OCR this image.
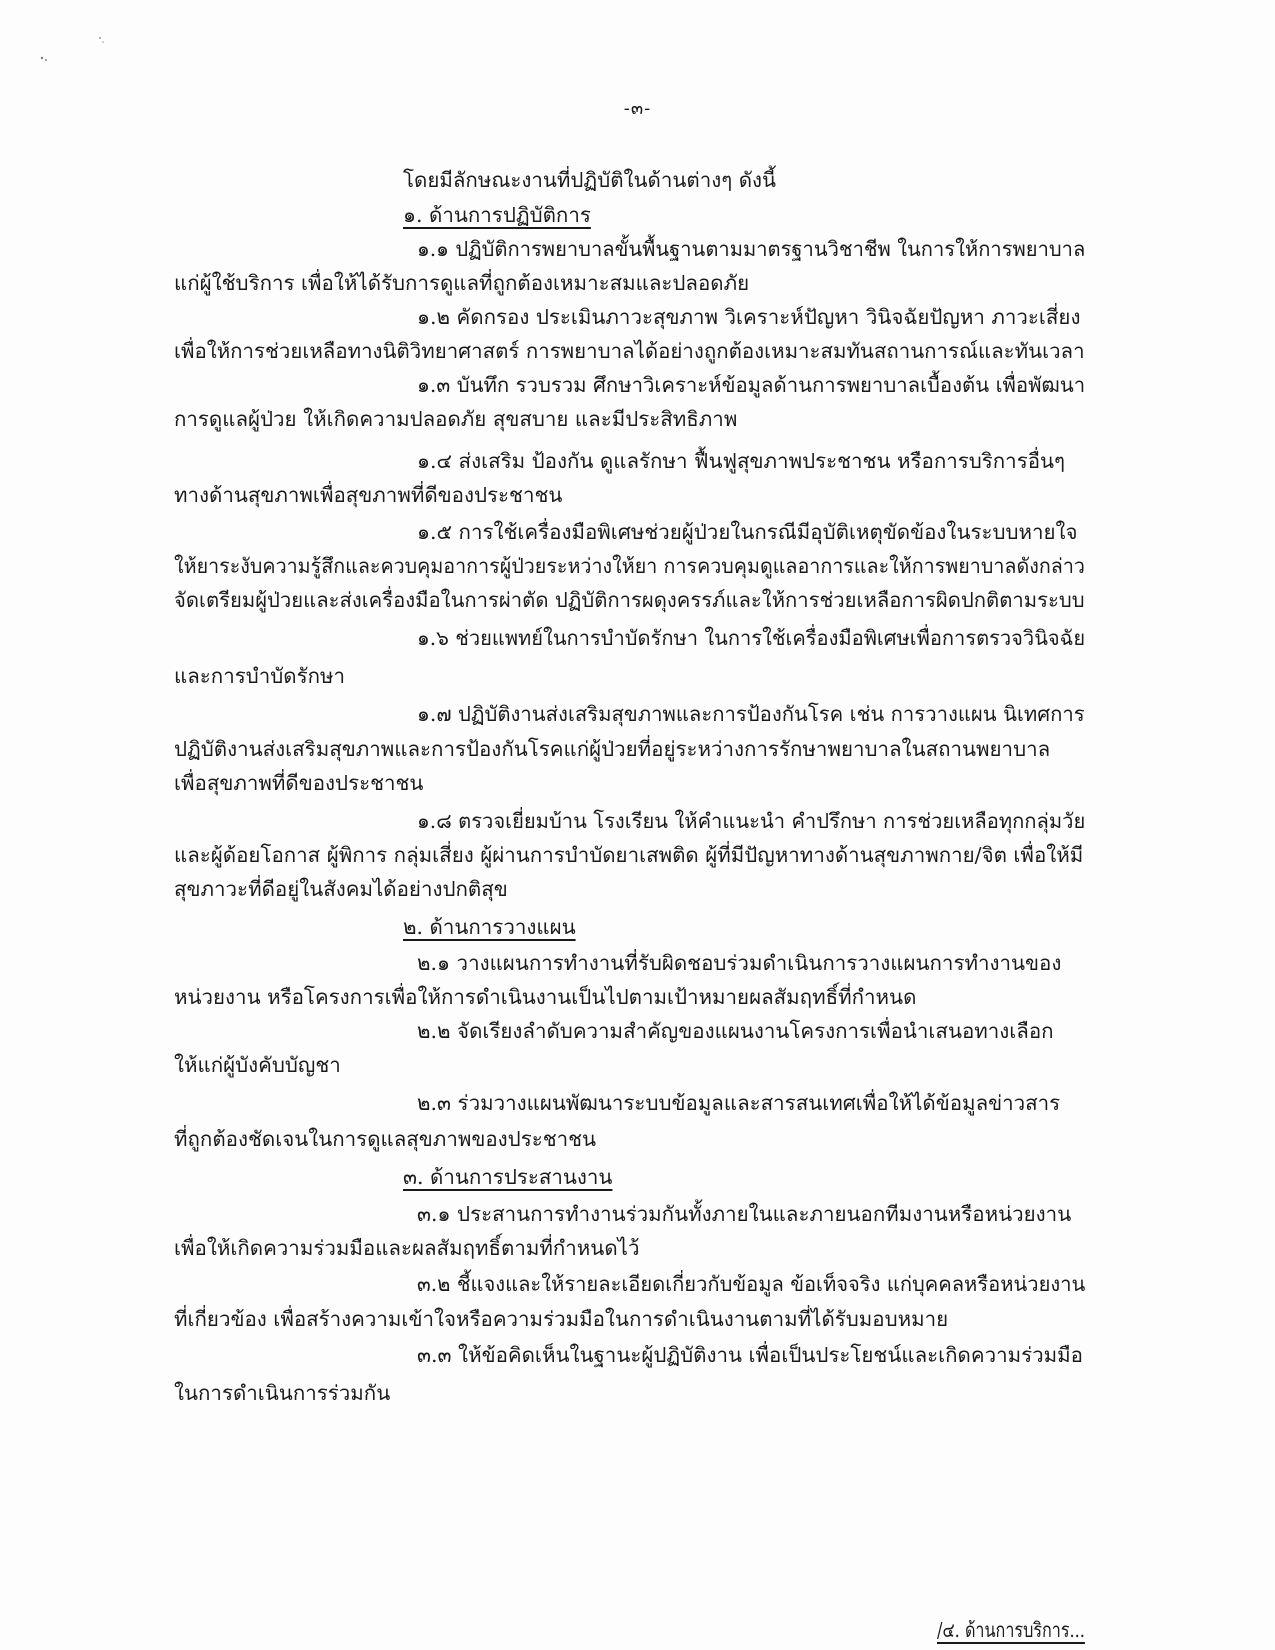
-๓-
โดยมีลักษณะงานที่ปฏิบัติในด้านต่างๆ ดังนี้
๑. ด้านการปฏิบัติการ
๑.๑ ปฏิบัติการพยาบาลขั้นพื้นฐานตามมาตรฐานวิชาชีพ ในการให้การพยาบาล
แก่ผู้ใช้บริการ เพื่อให้ได้รับการดูแลที่ถูกต้องเหมาะสมและปลอดภัย
๑.๒ คัดกรอง ประเมินภาวะสุขภาพ วิเคราะห์ปัญหา วินิจฉัยปัญหา ภาวะเสี่ยง
เพื่อให้การช่วยเหลือทางนิติวิทยาศาสตร์ การพยาบาลได้อย่างถูกต้องเหมาะสมทันสถานการณ์และทันเวลา
๑.๓ บันทึก รวบรวม ศึกษาวิเคราะห์ข้อมูลด้านการพยาบาลเบื้องต้น เพื่อพัฒนา
การดูแลผู้ป่วย ให้เกิดความปลอดภัย สุขสบาย และมีประสิทธิภาพ
๑.๔ ส่งเสริม ป้องกัน ดูแลรักษา ฟื้นฟูสุขภาพประชาชน หรือการบริการอื่นๆ
ทางด้านสุขภาพเพื่อสุขภาพที่ดีของประชาชน
๑.๕ การใช้เครื่องมือพิเศษช่วยผู้ป่วยในกรณีมีอุบัติเหตุขัดข้องในระบบหายใจ
ให้ยาระงับความรู้สึกและควบคุมอาการผู้ป่วยระหว่างให้ยา การควบคุมดูแลอาการและให้การพยาบาลดังกล่าว
จัดเตรียมผู้ป่วยและส่งเครื่องมือในการผ่าตัด ปฏิบัติการผดุงครรภ์และให้การช่วยเหลือการผิดปกติตามระบบ
๑.๖ ช่วยแพทย์ในการบำบัดรักษา ในการใช้เครื่องมือพิเศษเพื่อการตรวจวินิจฉัย
และการบำบัดรักษา
๑.๗ ปฏิบัติงานส่งเสริมสุขภาพและการป้องกันโรค เช่น การวางแผน นิเทศการ
ปฏิบัติงานส่งเสริมสุขภาพและการป้องกันโรคแก่ผู้ป่วยที่อยู่ระหว่างการรักษาพยาบาลในสถานพยาบาล
เพื่อสุขภาพที่ดีของประชาชน
๑.๘ ตรวจเยี่ยมบ้าน โรงเรียน ให้คำแนะนำ คำปรึกษา การช่วยเหลือทุกกลุ่มวัย
และผู้ด้อยโอกาส ผู้พิการ กลุ่มเสี่ยง ผู้ผ่านการบำบัดยาเสพติด ผู้ที่มีปัญหาทางด้านสุขภาพกาย/จิต เพื่อให้มี
สุขภาวะที่ดีอยู่ในสังคมได้อย่างปกติสุข
๒. ด้านการวางแผน
๒.๑ วางแผนการทำงานที่รับผิดชอบร่วมดำเนินการวางแผนการทำงานของ
หน่วยงาน หรือโครงการเพื่อให้การดำเนินงานเป็นไปตามเป้าหมายผลสัมฤทธิ์ที่กำหนด
๒.๒ จัดเรียงลำดับความสำคัญของแผนงานโครงการเพื่อนำเสนอทางเลือก
ให้แก่ผู้บังคับบัญชา
๒.๓ ร่วมวางแผนพัฒนาระบบข้อมูลและสารสนเทศเพื่อให้ได้ข้อมูลข่าวสาร
ที่ถูกต้องชัดเจนในการดูแลสุขภาพของประชาชน
๓. ด้านการประสานงาน
๓.๑ ประสานการทำงานร่วมกันทั้งภายในและภายนอกทีมงานหรือหน่วยงาน
เพื่อให้เกิดความร่วมมือและผลสัมฤทธิ์ตามที่กำหนดไว้
๓.๒ ชี้แจงและให้รายละเอียดเกี่ยวกับข้อมูล ข้อเท็จจริง แก่บุคคลหรือหน่วยงาน
ที่เกี่ยวข้อง เพื่อสร้างความเข้าใจหรือความร่วมมือในการดำเนินงานตามที่ได้รับมอบหมาย
๓.๓ ให้ข้อคิดเห็นในฐานะผู้ปฏิบัติงาน เพื่อเป็นประโยชน์และเกิดความร่วมมือ
ในการดำเนินการร่วมกัน
/๔. ด้านการบริการ...
